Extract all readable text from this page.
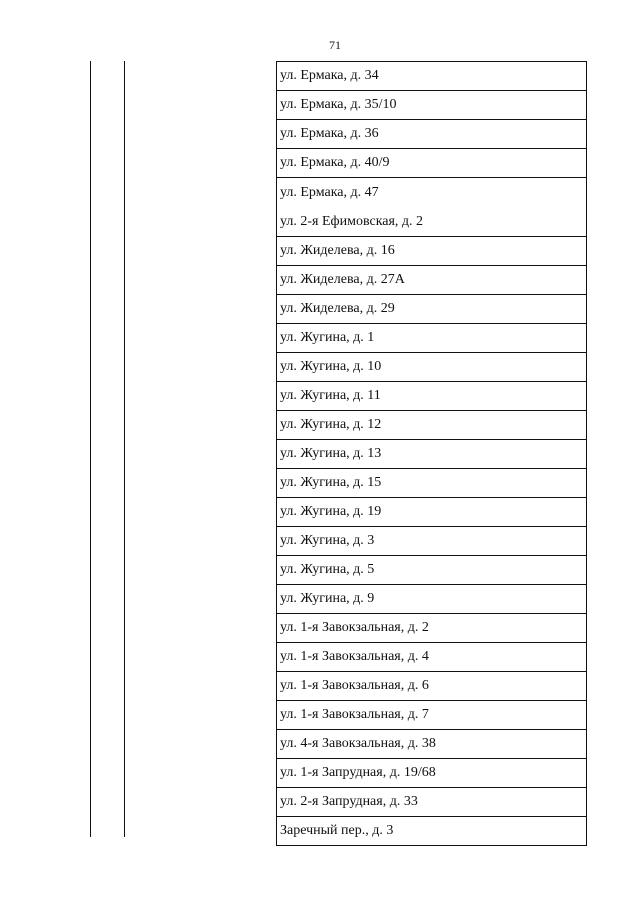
71
ул. Ермака, д. 34
ул. Ермака, д. 35/10
ул. Ермака, д. 36
ул. Ермака, д. 40/9

ул. Ермака, д. 47
ул. 2-я Ефимовская, д. 2

ул. Жиделева, д. 16
ул. Жиделева, д. 27А
ул. Жиделева, д. 29
ул. Жугина, д. 1
ул. Жугина, д. 10
ул. Жугина, д. 11
ул. Жугина, д. 12
ул. Жугина, д. 13
ул. Жугина, д. 15
ул. Жугина, д. 19
ул. Жугина, д. 3
ул. Жугина, д. 5
ул. Жугина, д. 9
ул. 1-я Завокзальная, д. 2
ул. 1-я Завокзальная, д. 4
ул. 1-я Завокзальная, д. 6
ул. 1-я Завокзальная, д. 7
ул. 4-я Завокзальная, д. 38
ул. 1-я Запрудная, д. 19/68
ул. 2-я Запрудная, д. 33
Заречный пер., д. 3
